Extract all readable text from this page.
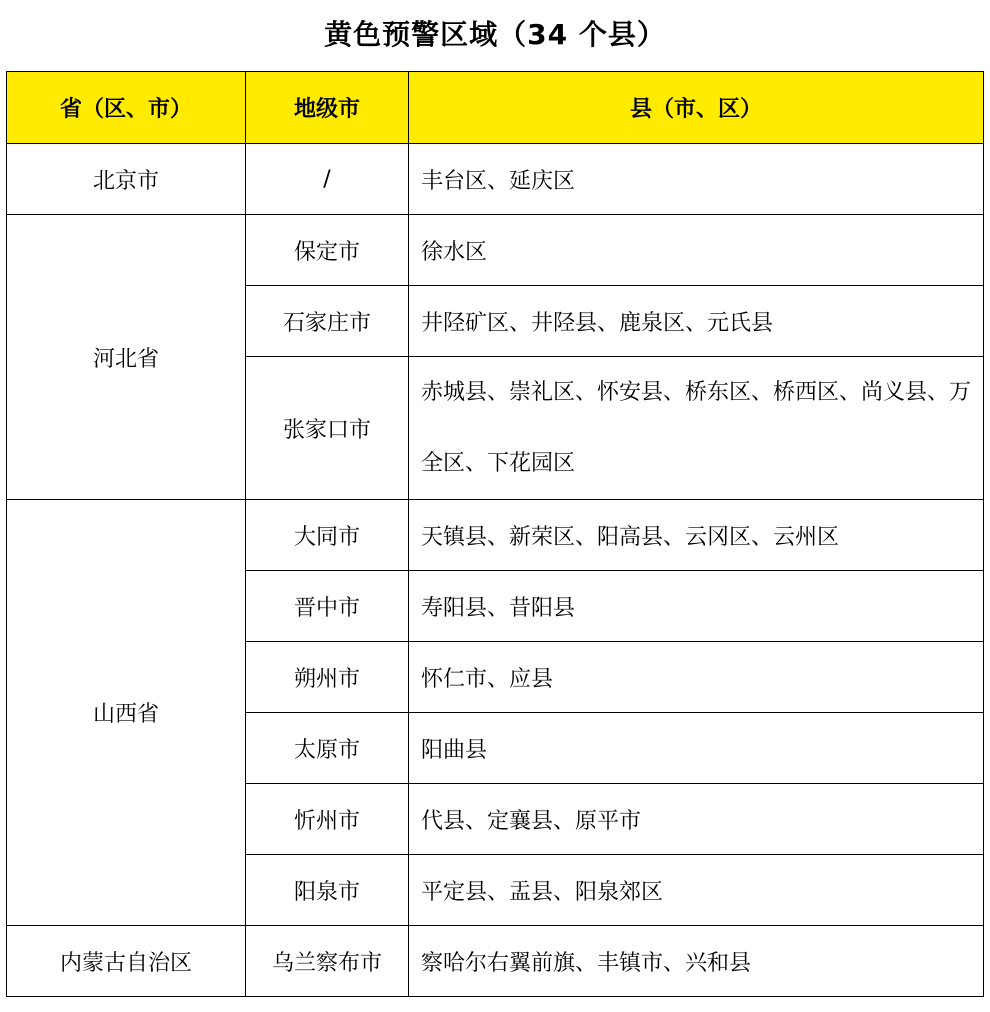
黄色预警区域（34 个县）
省（区、市）	地级市	县（市、区）
北京市	/	丰台区、延庆区
河北省	保定市	徐水区
	石家庄市	井陉矿区、井陉县、鹿泉区、元氏县
	张家口市	赤城县、崇礼区、怀安县、桥东区、桥西区、尚义县、万全区、下花园区

山西省	大同市	天镇县、新荣区、阳高县、云冈区、云州区
	晋中市	寿阳县、昔阳县
	朔州市	怀仁市、应县
	太原市	阳曲县
	忻州市	代县、定襄县、原平市
	阳泉市	平定县、盂县、阳泉郊区
内蒙古自治区	乌兰察布市	察哈尔右翼前旗、丰镇市、兴和县
